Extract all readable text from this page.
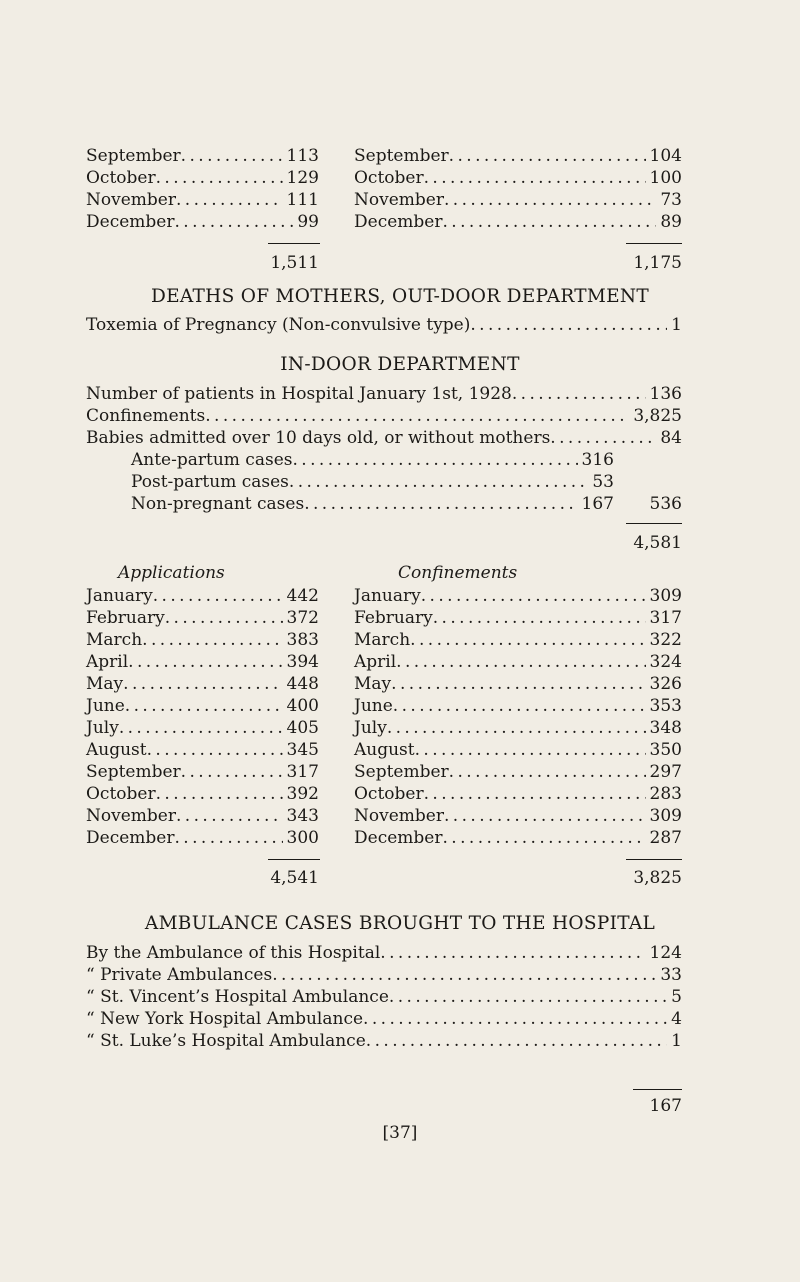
September . . .	113
October . . .	129
November . . .	111
December . . .	99
1,511
September . . .	104
October . . .	100
November . . .	73
December . . .	89
1,175
DEATHS OF MOTHERS, OUT-DOOR DEPARTMENT
Toxemia of Pregnancy (Non-convulsive type) . . .	1
IN-DOOR DEPARTMENT
Number of patients in Hospital January 1st, 1928 . . .	136
Confinements . . .	3,825
Babies admitted over 10 days old, or without mothers . . .	84
Ante-partum cases . . .	316
Post-partum cases . . .	53
Non-pregnant cases . . .	167	536
4,581
Applications	Confinements
January . . .	442
February . . .	372
March . . .	383
April . . .	394
May . . .	448
June . . .	400
July . . .	405
August . . .	345
September . . .	317
October . . .	392
November . . .	343
December . . .	300
January . . .	309
February . . .	317
March . . .	322
April . . .	324
May . . .	326
June . . .	353
July . . .	348
August . . .	350
September . . .	297
October . . .	283
November . . .	309
December . . .	287
4,541	3,825
AMBULANCE CASES BROUGHT TO THE HOSPITAL
By the Ambulance of this Hospital . . .	124
“ Private Ambulances . . .	33
“ St. Vincent’s Hospital Ambulance . . .	5
“ New York Hospital Ambulance . . .	4
“ St. Luke’s Hospital Ambulance . . .	1
167
[37]
